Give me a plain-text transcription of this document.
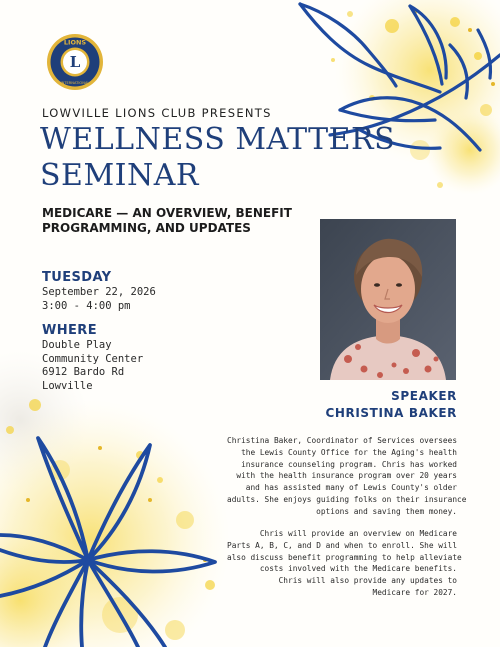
L
LIONS
INTERNATIONAL
LOWVILLE LIONS CLUB PRESENTS
WELLNESS MATTERS
SEMINAR
MEDICARE — AN OVERVIEW, BENEFIT
PROGRAMMING, AND UPDATES
TUESDAY
September 22, 2026
3:00 - 4:00 pm
WHERE
Double Play
Community Center
6912 Bardo Rd
Lowville
SPEAKER
CHRISTINA BAKER
Christina Baker, Coordinator of Services oversees
the Lewis County Office for the Aging's health
insurance counseling program. Chris has worked
with the health insurance program over 20 years
and has assisted many of Lewis County's older
adults. She enjoys guiding folks on their insurance
options and saving them money.
Chris will provide an overview on Medicare
Parts A, B, C, and D and when to enroll. She will
also discuss benefit programming to help alleviate
costs involved with the Medicare benefits.
Chris will also provide any updates to
Medicare for 2027.
